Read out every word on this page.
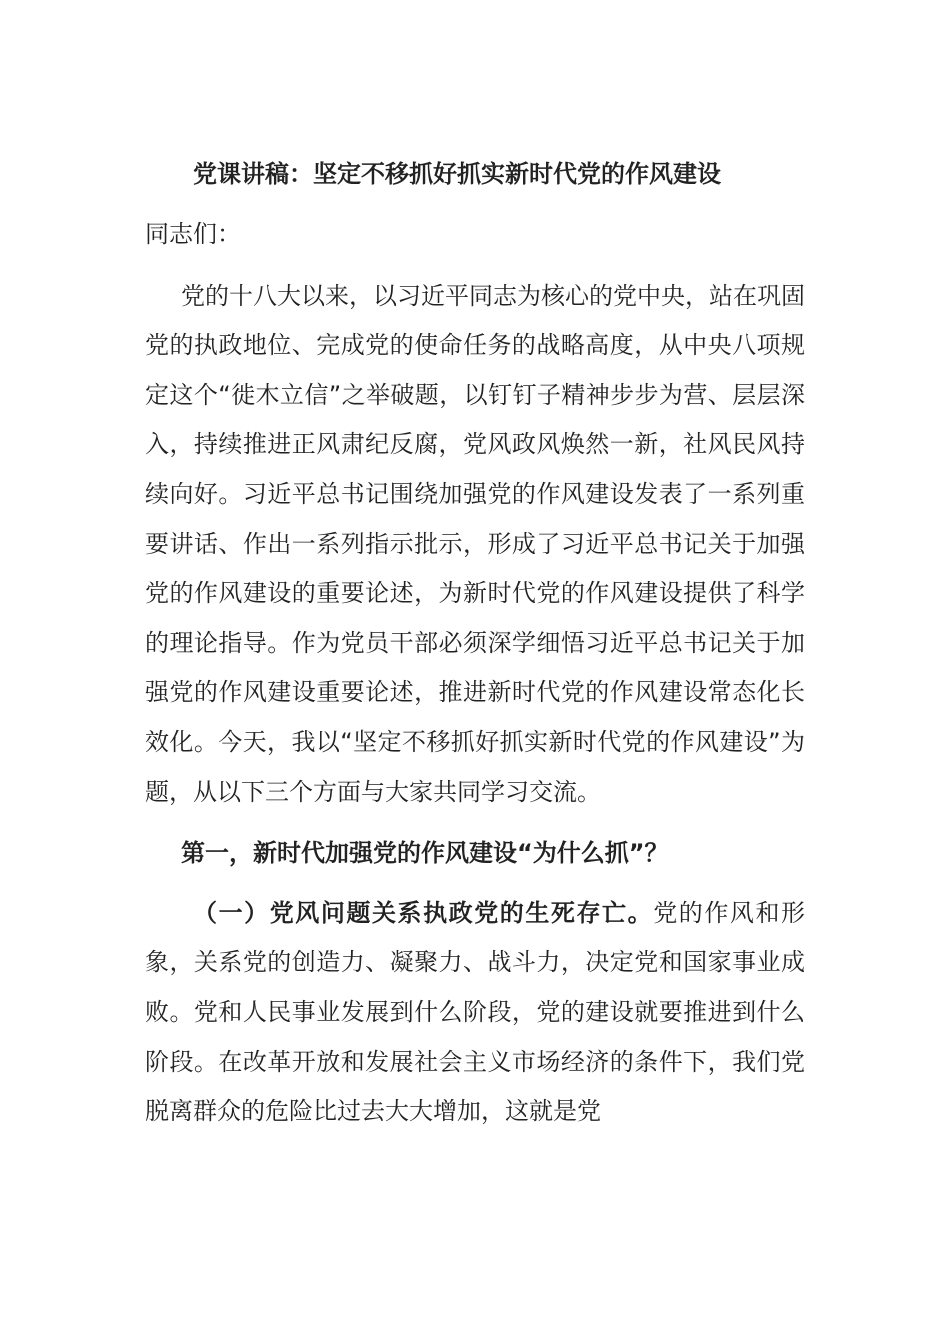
党课讲稿：坚定不移抓好抓实新时代党的作风建设

同志们：

党的十八大以来，以习近平同志为核心的党中央，站在巩固党的执政地位、完成党的使命任务的战略高度，从中央八项规定这个“徙木立信”之举破题，以钉钉子精神步步为营、层层深入，持续推进正风肃纪反腐，党风政风焕然一新，社风民风持续向好。习近平总书记围绕加强党的作风建设发表了一系列重要讲话、作出一系列指示批示，形成了习近平总书记关于加强党的作风建设的重要论述，为新时代党的作风建设提供了科学的理论指导。作为党员干部必须深学细悟习近平总书记关于加强党的作风建设重要论述，推进新时代党的作风建设常态化长效化。今天，我以“坚定不移抓好抓实新时代党的作风建设”为题，从以下三个方面与大家共同学习交流。

第一，新时代加强党的作风建设“为什么抓”？

（一）党风问题关系执政党的生死存亡。党的作风和形象，关系党的创造力、凝聚力、战斗力，决定党和国家事业成败。党和人民事业发展到什么阶段，党的建设就要推进到什么阶段。在改革开放和发展社会主义市场经济的条件下，我们党脱离群众的危险比过去大大增加，这就是党
